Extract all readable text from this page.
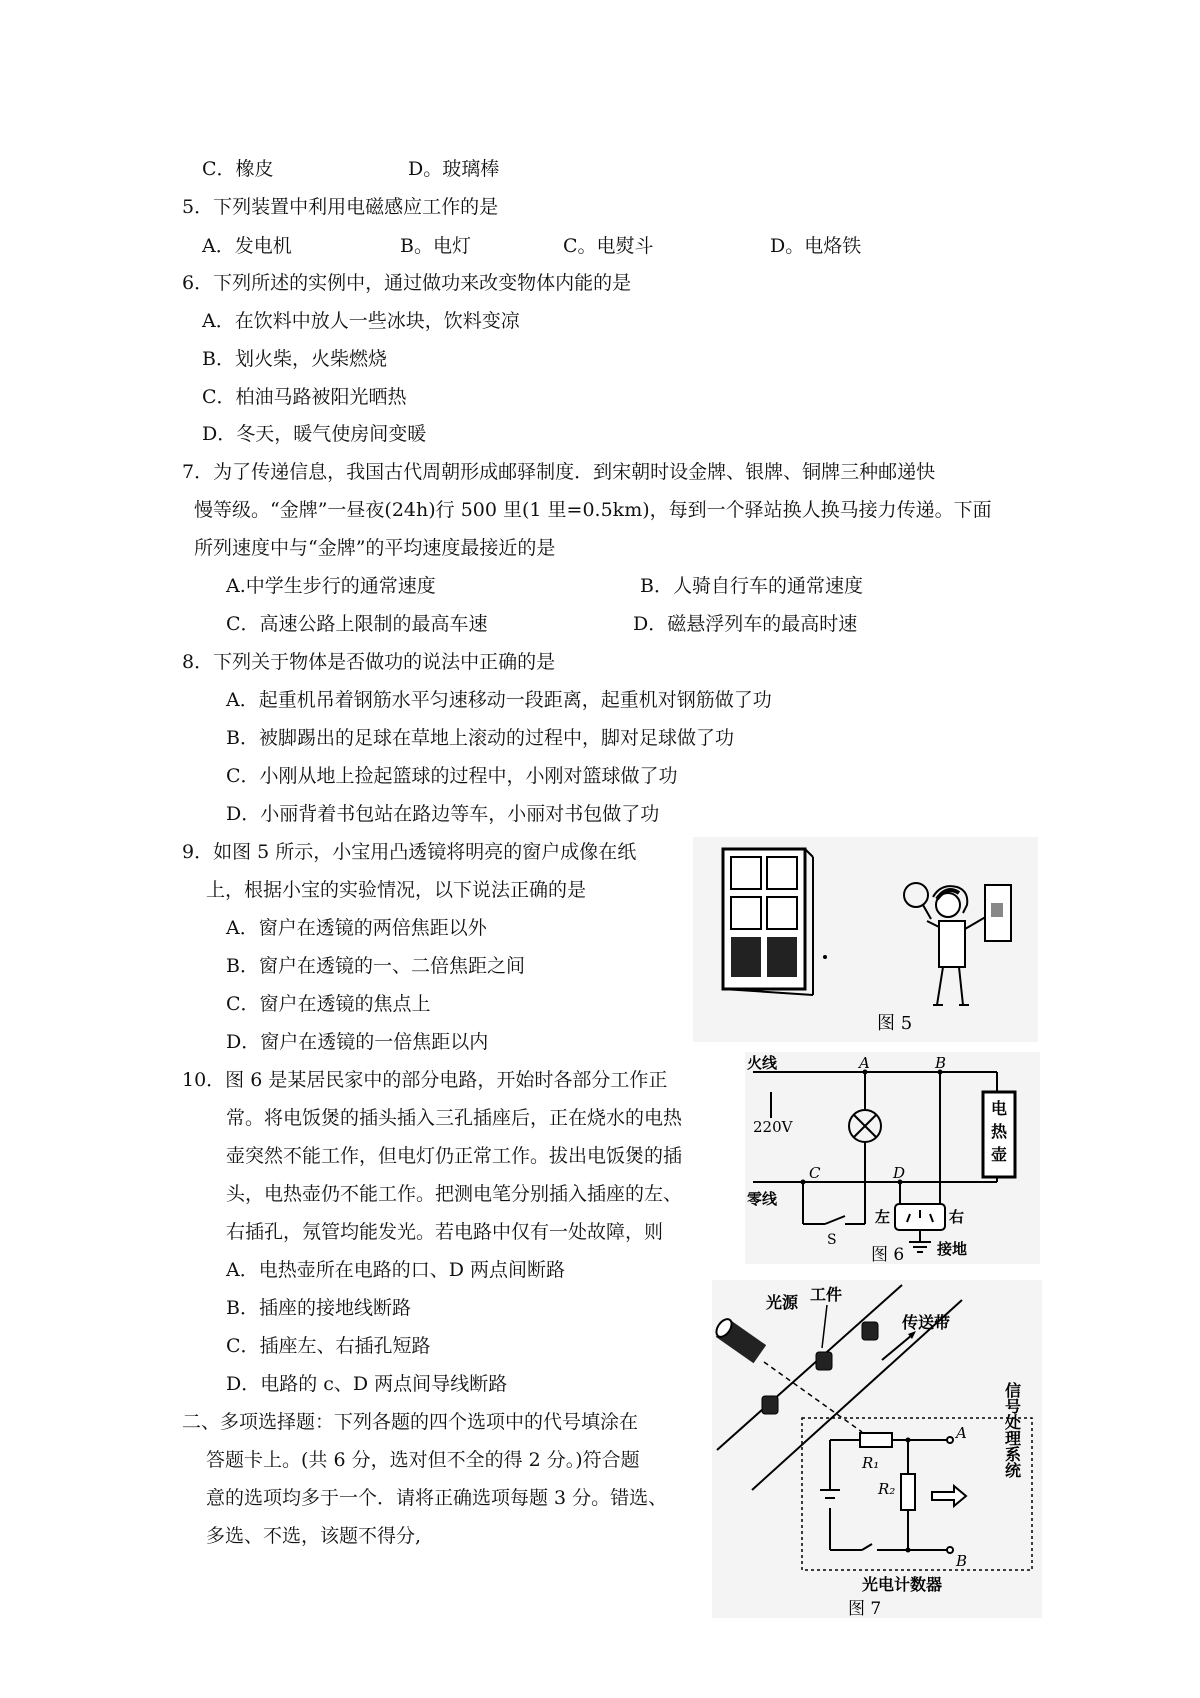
C．橡皮	D。玻璃棒
5．下列装置中利用电磁感应工作的是
A．发电机	B。电灯	C。电熨斗	D。电烙铁
6．下列所述的实例中，通过做功来改变物体内能的是
A．在饮料中放人一些冰块，饮料变凉
B．划火柴，火柴燃烧
C．柏油马路被阳光晒热
D．冬天，暖气使房间变暖
7．为了传递信息，我国古代周朝形成邮驿制度．到宋朝时设金牌、银牌、铜牌三种邮递快
慢等级。“金牌”一昼夜(24h)行 500 里(1 里=0.5km)，每到一个驿站换人换马接力传递。下面
所列速度中与“金牌”的平均速度最接近的是
A.中学生步行的通常速度	B．人骑自行车的通常速度
C．高速公路上限制的最高车速	D．磁悬浮列车的最高时速
8．下列关于物体是否做功的说法中正确的是
A．起重机吊着钢筋水平匀速移动一段距离，起重机对钢筋做了功
B．被脚踢出的足球在草地上滚动的过程中，脚对足球做了功
C．小刚从地上捡起篮球的过程中，小刚对篮球做了功
D．小丽背着书包站在路边等车，小丽对书包做了功
9．如图 5 所示，小宝用凸透镜将明亮的窗户成像在纸
上，根据小宝的实验情况，以下说法正确的是
A．窗户在透镜的两倍焦距以外
B．窗户在透镜的一、二倍焦距之间
C．窗户在透镜的焦点上
D．窗户在透镜的一倍焦距以内
10．图 6 是某居民家中的部分电路，开始时各部分工作正
常。将电饭煲的插头插入三孔插座后，正在烧水的电热
壶突然不能工作，但电灯仍正常工作。拔出电饭煲的插
头，电热壶仍不能工作。把测电笔分别插入插座的左、
右插孔，氖管均能发光。若电路中仅有一处故障，则
A．电热壶所在电路的口、D 两点间断路
B．插座的接地线断路
C．插座左、右插孔短路
D．电路的 c、D 两点间导线断路
二、多项选择题：下列各题的四个选项中的代号填涂在
答题卡上。(共 6 分，选对但不全的得 2 分。)符合题
意的选项均多于一个．请将正确选项每题 3 分。错选、
多选、不选，该题不得分,
图 5
电
热
壶
火线
零线
220V
A	B
C	D
S
左	右
接地
图 6
光源 工件
传送带
R₁
R₂
A
B
信号处理系统
光电计数器
图 7
